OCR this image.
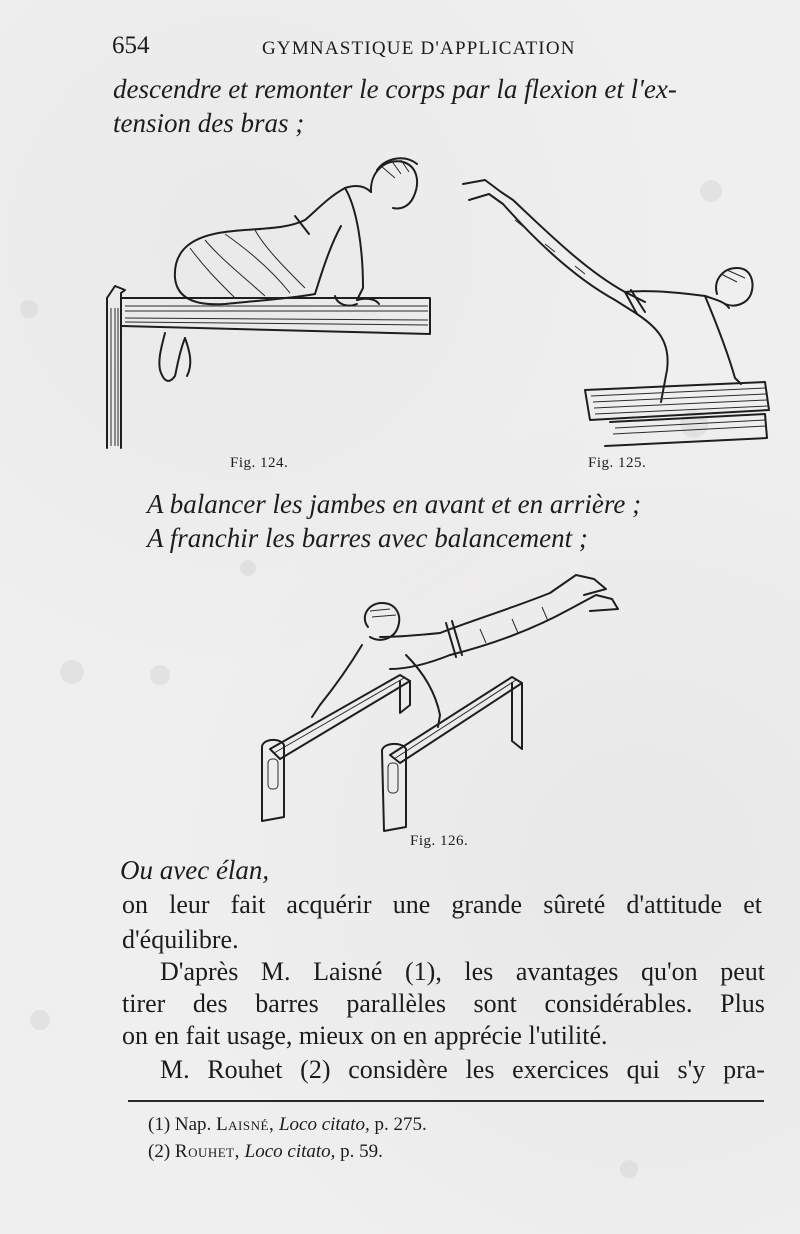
654	GYMNASTIQUE D'APPLICATION
descendre et remonter le corps par la flexion et l'ex-
tension des bras ;
Fig. 124.	Fig. 125.
A balancer les jambes en avant et en arrière ;
A franchir les barres avec balancement ;
Fig. 126.
Ou avec élan,
on leur fait acquérir une grande sûreté d'attitude et
d'équilibre.
D'après M. Laisné (1), les avantages qu'on peut
tirer des barres parallèles sont considérables. Plus
on en fait usage, mieux on en apprécie l'utilité.
M. Rouhet (2) considère les exercices qui s'y pra-
(1) Nap. Laisné, Loco citato, p. 275.
(2) Rouhet, Loco citato, p. 59.
